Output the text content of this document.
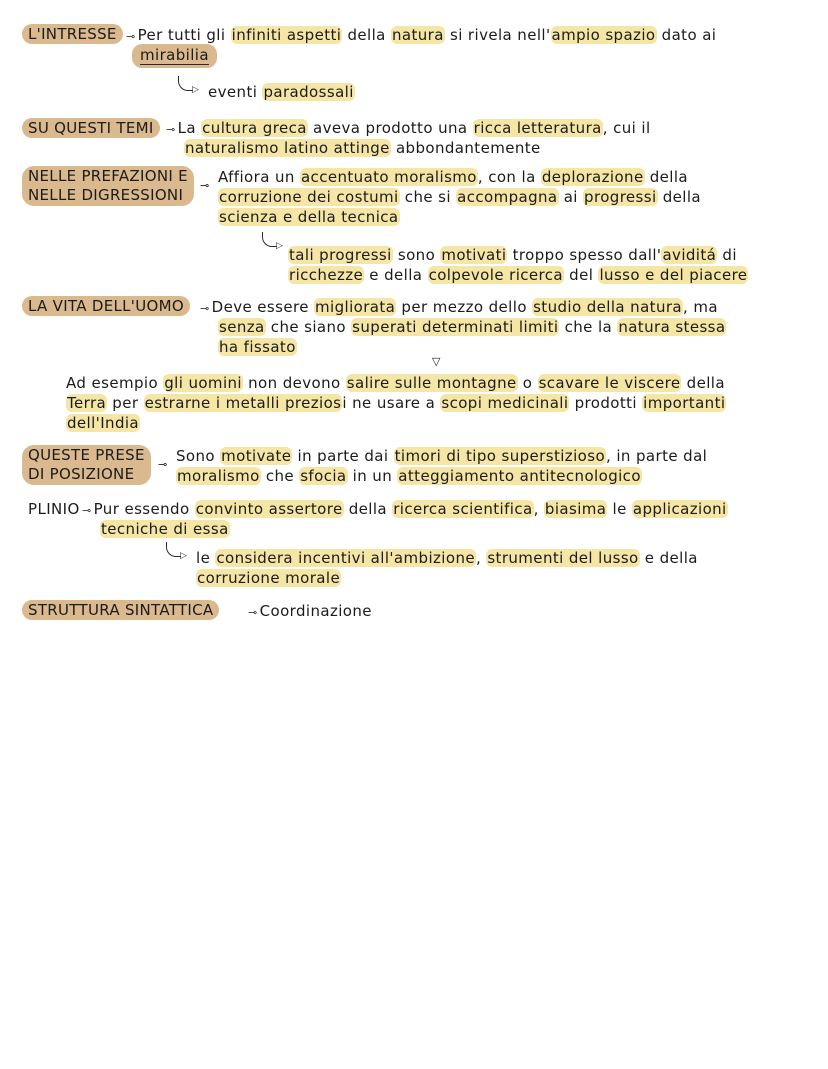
L'INTRESSE ⊸ Per tutti gli infiniti aspetti della natura si rivela nell'ampio spazio dato ai
mirabilia
▷ eventi paradossali
SU QUESTI TEMI	⊸ La cultura greca aveva prodotto una ricca letteratura, cui il
naturalismo latino attinge abbondantemente
NELLE PREFAZIONI E
NELLE DIGRESSIONI
⊸ Affiora un accentuato moralismo, con la deplorazione della
corruzione dei costumi che si accompagna ai progressi della
scienza e della tecnica
▷ tali progressi sono motivati troppo spesso dall'aviditá di
ricchezze e della colpevole ricerca del lusso e del piacere
LA VITA DELL'UOMO	⊸ Deve essere migliorata per mezzo dello studio della natura, ma
senza che siano superati determinati limiti che la natura stessa
ha fissato
▽
Ad esempio gli uomini non devono salire sulle montagne o scavare le viscere della
Terra per estrarne i metalli preziosi ne usare a scopi medicinali prodotti importanti
dell'India
QUESTE PRESE
DI POSIZIONE
⊸ Sono motivate in parte dai timori di tipo superstizioso, in parte dal
moralismo che sfocia in un atteggiamento antitecnologico
PLINIO ⊸ Pur essendo convinto assertore della ricerca scientifica, biasima le applicazioni
tecniche di essa
▷ le considera incentivi all'ambizione, strumenti del lusso e della
corruzione morale
STRUTTURA SINTATTICA	⊸ Coordinazione
